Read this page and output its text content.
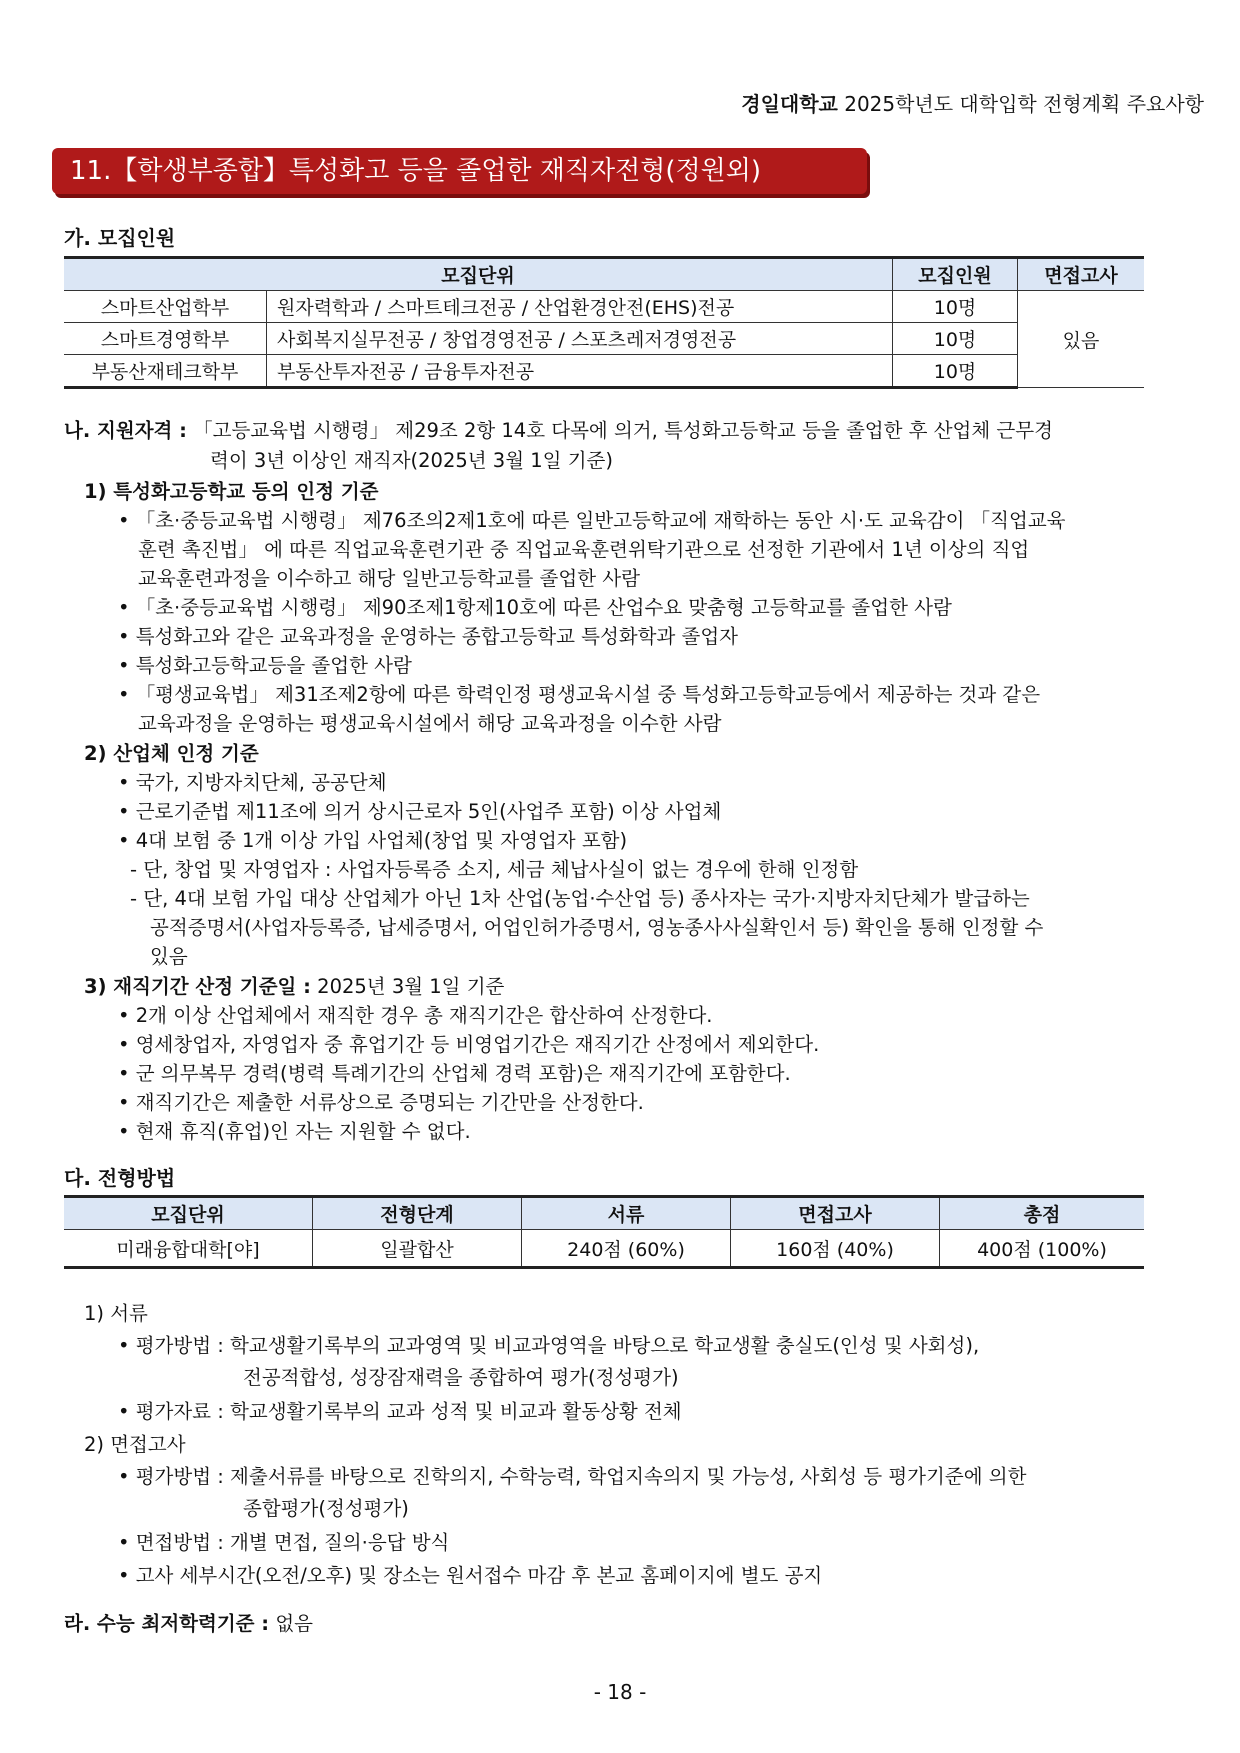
경일대학교 2025학년도 대학입학 전형계획 주요사항
11.【학생부종합】특성화고 등을 졸업한 재직자전형(정원외)
가. 모집인원
모집단위		모집인원	면접고사
스마트산업학부	원자력학과 / 스마트테크전공 / 산업환경안전(EHS)전공	10명	있음
스마트경영학부	사회복지실무전공 / 창업경영전공 / 스포츠레저경영전공	10명	
부동산재테크학부	부동산투자전공 / 금융투자전공	10명	
나. 지원자격 : 「고등교육법 시행령」 제29조 2항 14호 다목에 의거, 특성화고등학교 등을 졸업한 후 산업체 근무경
력이 3년 이상인 재직자(2025년 3월 1일 기준)
1) 특성화고등학교 등의 인정 기준
• 「초·중등교육법 시행령」 제76조의2제1호에 따른 일반고등학교에 재학하는 동안 시·도 교육감이 「직업교육
훈련 촉진법」 에 따른 직업교육훈련기관 중 직업교육훈련위탁기관으로 선정한 기관에서 1년 이상의 직업
교육훈련과정을 이수하고 해당 일반고등학교를 졸업한 사람
• 「초·중등교육법 시행령」 제90조제1항제10호에 따른 산업수요 맞춤형 고등학교를 졸업한 사람
• 특성화고와 같은 교육과정을 운영하는 종합고등학교 특성화학과 졸업자
• 특성화고등학교등을 졸업한 사람
• 「평생교육법」 제31조제2항에 따른 학력인정 평생교육시설 중 특성화고등학교등에서 제공하는 것과 같은
교육과정을 운영하는 평생교육시설에서 해당 교육과정을 이수한 사람
2) 산업체 인정 기준
• 국가, 지방자치단체, 공공단체
• 근로기준법 제11조에 의거 상시근로자 5인(사업주 포함) 이상 사업체
• 4대 보험 중 1개 이상 가입 사업체(창업 및 자영업자 포함)
- 단, 창업 및 자영업자 : 사업자등록증 소지, 세금 체납사실이 없는 경우에 한해 인정함
- 단, 4대 보험 가입 대상 산업체가 아닌 1차 산업(농업·수산업 등) 종사자는 국가·지방자치단체가 발급하는
공적증명서(사업자등록증, 납세증명서, 어업인허가증명서, 영농종사사실확인서 등) 확인을 통해 인정할 수
있음
3) 재직기간 산정 기준일 : 2025년 3월 1일 기준
• 2개 이상 산업체에서 재직한 경우 총 재직기간은 합산하여 산정한다.
• 영세창업자, 자영업자 중 휴업기간 등 비영업기간은 재직기간 산정에서 제외한다.
• 군 의무복무 경력(병력 특례기간의 산업체 경력 포함)은 재직기간에 포함한다.
• 재직기간은 제출한 서류상으로 증명되는 기간만을 산정한다.
• 현재 휴직(휴업)인 자는 지원할 수 없다.
다. 전형방법
모집단위	전형단계	서류	면접고사	총점
미래융합대학[야]	일괄합산	240점 (60%)	160점 (40%)	400점 (100%)
1) 서류
• 평가방법 : 학교생활기록부의 교과영역 및 비교과영역을 바탕으로 학교생활 충실도(인성 및 사회성),
전공적합성, 성장잠재력을 종합하여 평가(정성평가)
• 평가자료 : 학교생활기록부의 교과 성적 및 비교과 활동상황 전체
2) 면접고사
• 평가방법 : 제출서류를 바탕으로 진학의지, 수학능력, 학업지속의지 및 가능성, 사회성 등 평가기준에 의한
종합평가(정성평가)
• 면접방법 : 개별 면접, 질의·응답 방식
• 고사 세부시간(오전/오후) 및 장소는 원서접수 마감 후 본교 홈페이지에 별도 공지
라. 수능 최저학력기준 : 없음
- 18 -
